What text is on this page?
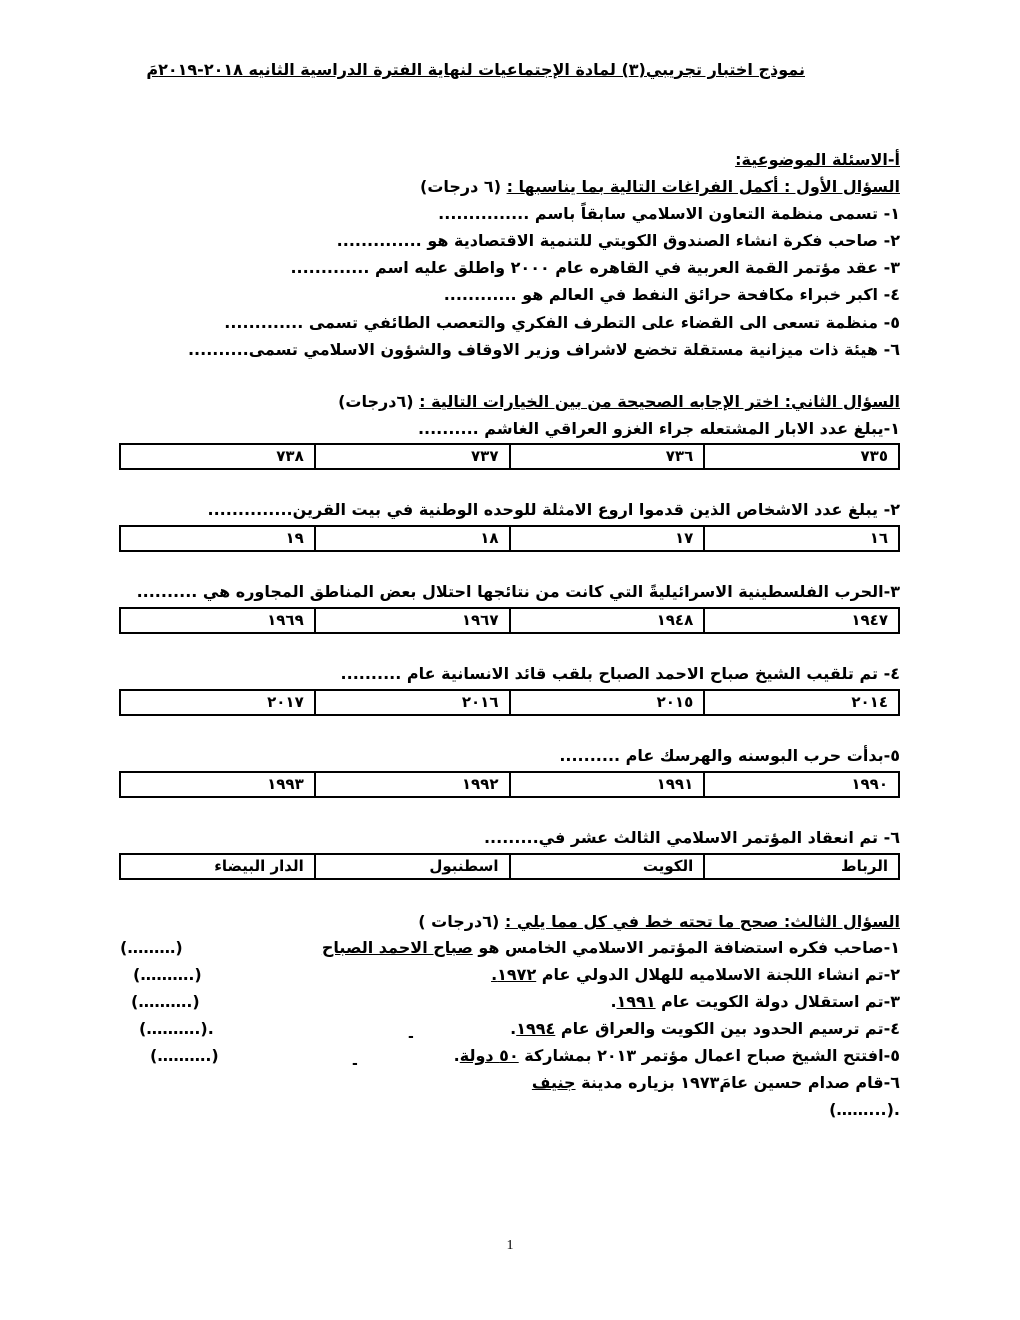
نموذج اختبار تجريبي(٣) لمادة الإجتماعيات لنهاية الفترة الدراسية الثانيه ٢٠١٨-٢٠١٩مَ
أ-الاسئلة الموضوعية:
السؤال الأول : أكمل الفراغات التالية بما يناسبها : (٦ درجات)
١- تسمى منظمة التعاون الاسلامي سابقاً باسم ...............
٢- صاحب فكرة انشاء الصندوق الكويتي للتنمية الاقتصادية هو ..............
٣- عقد مؤتمر القمة العربية في القاهره عام ٢٠٠٠ واطلق عليه اسم .............
٤- اكبر خبراء مكافحة حرائق النفط في العالم هو ............
٥- منظمة تسعى الى القضاء على التطرف الفكري والتعصب الطائفي تسمى .............
٦- هيئة ذات ميزانية مستقلة تخضع لاشراف وزير الاوقاف والشؤون الاسلامي تسمى..........
السؤال الثاني: اختر الإجابه الصحيحة من بين الخيارات التالية : (٦درجات)
١-يبلغ عدد الابار المشتعله جراء الغزو العراقي الغاشم ..........
٧٣٥	٧٣٦	٧٣٧	٧٣٨
٢- يبلغ عدد الاشخاص الذين قدموا اروع الامثلة للوحده الوطنية في بيت القرين..............
١٦	١٧	١٨	١٩
٣-الحرب الفلسطينية الاسرائيليةً التي كانت من نتائجها احتلال بعض المناطق المجاوره هي ..........
١٩٤٧	١٩٤٨	١٩٦٧	١٩٦٩
٤- تم تلقيب الشيخ صباح الاحمد الصباح بلقب قائد الانسانية عام ..........
٢٠١٤	٢٠١٥	٢٠١٦	٢٠١٧
٥-بدأت حرب البوسنه والهرسك عام ..........
١٩٩٠	١٩٩١	١٩٩٢	١٩٩٣
٦- تم انعقاد المؤتمر الاسلامي الثالث عشر في.........
الرباط	الكويت	اسطنبول	الدار البيضاء
السؤال الثالث: صحح ما تحته خط في كل مما يلي : (٦درجات )
١-صاحب فكره استضافة المؤتمر الاسلامي الخامس هو صباح الاحمد الصباح
(………)
٢-تم انشاء اللجنة الاسلاميه للهلال الدولي عام ١٩٧٢.
(……….)
٣-تم استقلال دولة الكويت عام ١٩٩١.
(……….)
٤-تم ترسيم الحدود بين الكويت والعراق عام ١٩٩٤.
-
(……….).
٥-افتتح الشيخ صباح اعمال مؤتمر ٢٠١٣ بمشاركة ٥٠ دولة.
-
(……….)
٦-قام صدام حسين عامَ١٩٧٣ بزياره مدينة جنيف
(……...).
1
